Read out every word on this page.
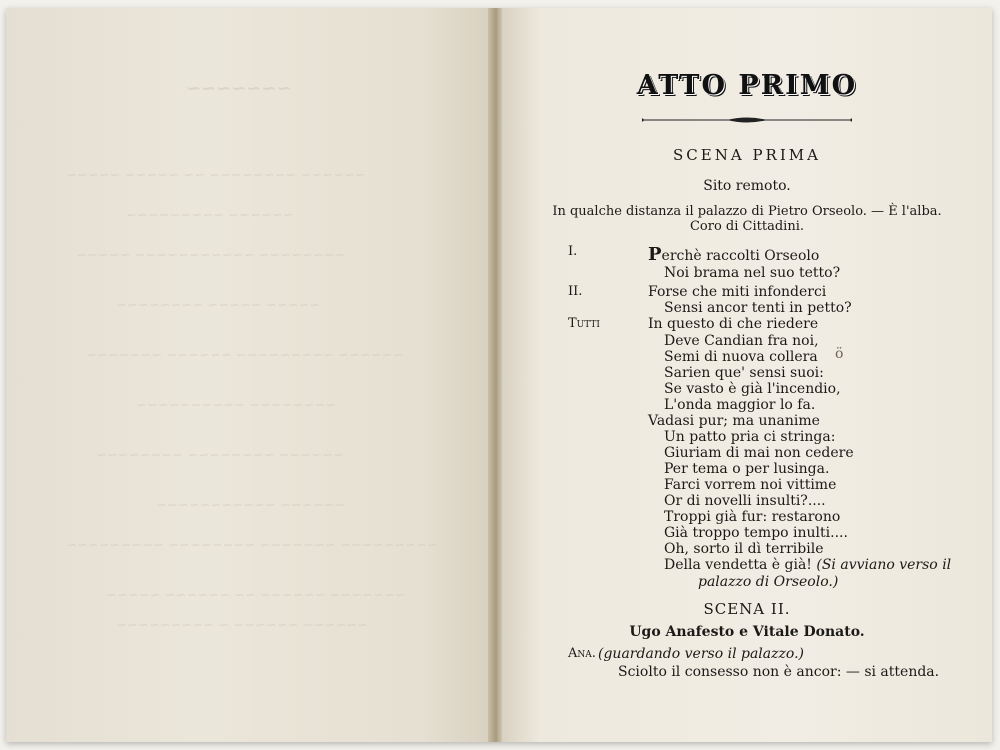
~~~~~~~
~~~~~~ ~~~~~~~~ ~~ ~~~~~ ~~~~~
~~~~~~ ~~~~~~~~~
~~~~~~~~ ~~~~~~~~~~~ ~~~~~
~~~~~ ~~~~~ ~~~~~~~~
~~~~~~ ~~~~~~~~~ ~~~~~~ ~~~~~~~
~~~~~~~~ ~~~~~~~~~~
~~~~~~ ~~~~~~~~ ~~~~~~~~
~~~~~~ ~~~~~~~~~~~
~~~~~~~~~ ~~~~~~~ ~~~~~~~~ ~~~~~~~~~
~~~~~~~ ~~~~~~ ~~ ~~~~~~ ~~~~~
~~~~~~ ~~~~~~ ~ ~~~~~~~~~
ATTO PRIMO
SCENA PRIMA
Sito remoto.
In qualche distanza il palazzo di Pietro Orseolo. — È l'alba.
Coro di Cittadini.
I.
II.
Tutti
Perchè raccolti Orseolo
Noi brama nel suo tetto?
Forse che miti infonderci
Sensi ancor tenti in petto?
In questo di che riedere
Deve Candian fra noi,
Semi di nuova collera
Sarien que' sensi suoi:
Se vasto è già l'incendio,
L'onda maggior lo fa.
Vadasi pur; ma unanime
Un patto pria ci stringa:
Giuriam di mai non cedere
Per tema o per lusinga.
Farci vorrem noi vittime
Or di novelli insulti?....
Troppi già fur: restarono
Già troppo tempo inulti....
Oh, sorto il dì terribile
Della vendetta è già! (Si avviano verso il
palazzo di Orseolo.)
ö
SCENA II.
Ugo Anafesto e Vitale Donato.
Ana. (guardando verso il palazzo.)
Sciolto il consesso non è ancor: — si attenda.
